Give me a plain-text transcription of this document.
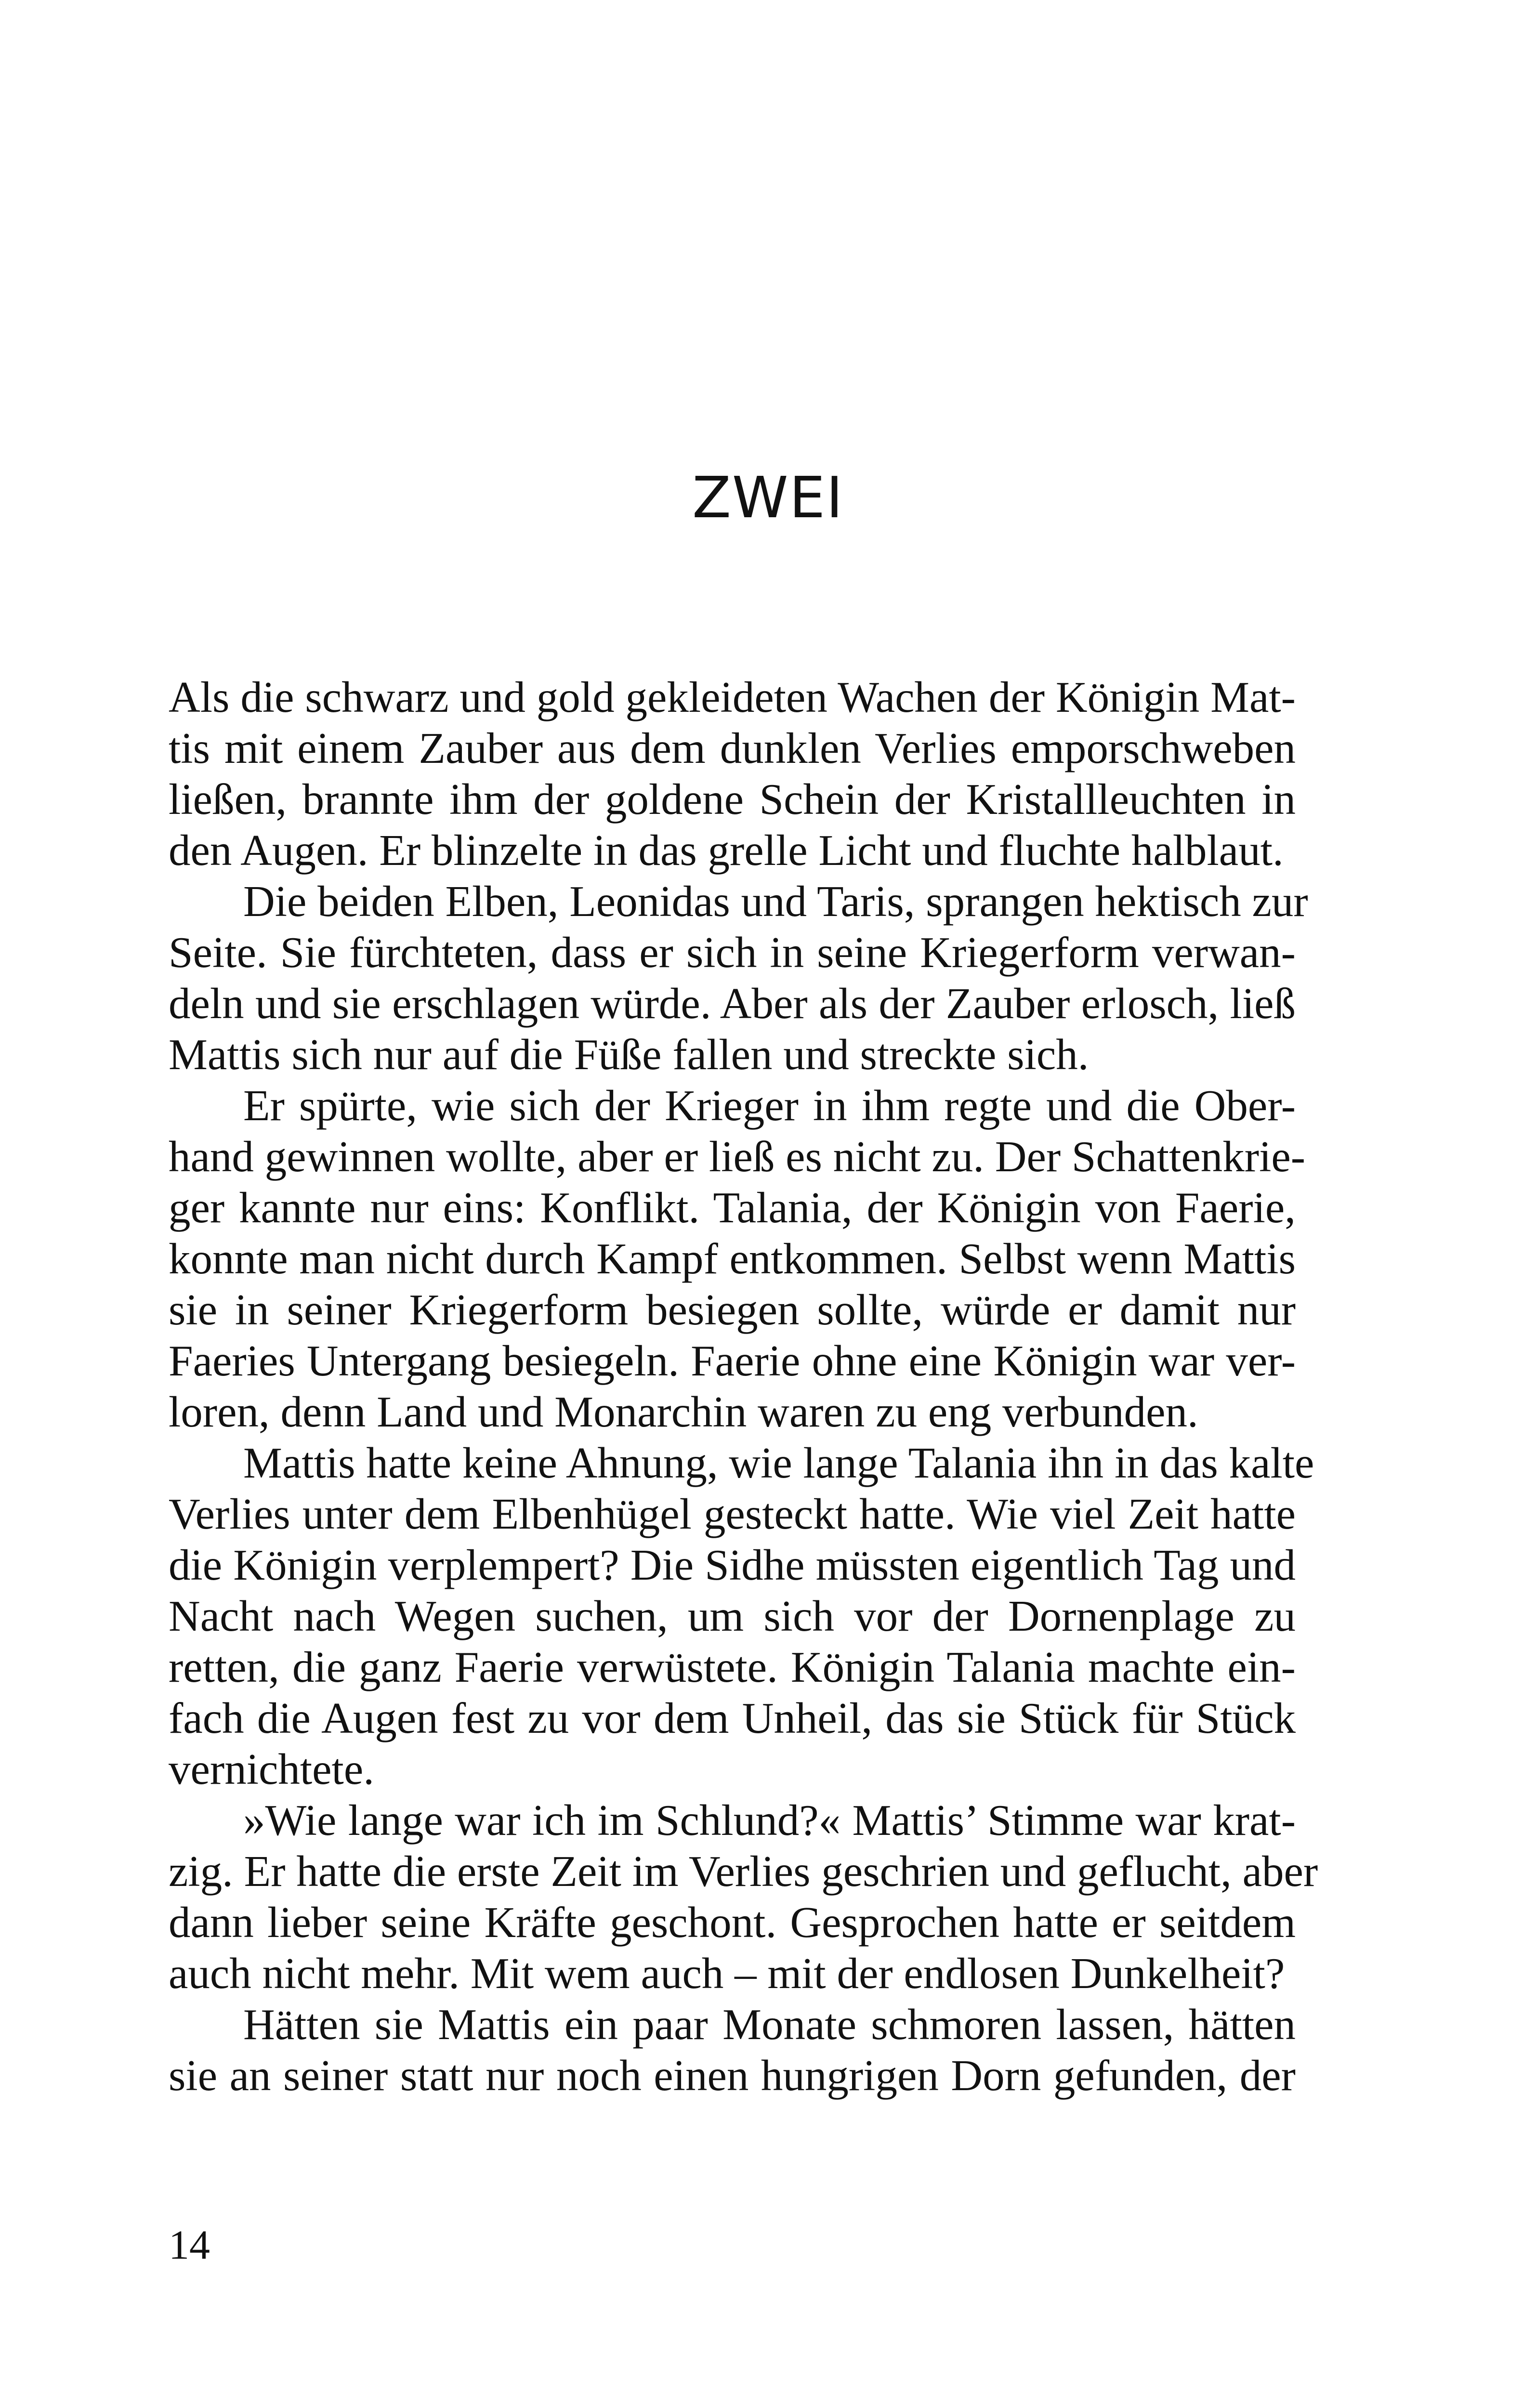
ZWEI
Als die schwarz und gold gekleideten Wachen der Königin Mat-
tis mit einem Zauber aus dem dunklen Verlies emporschweben
ließen, brannte ihm der goldene Schein der Kristallleuchten in
den Augen. Er blinzelte in das grelle Licht und fluchte halblaut.
Die beiden Elben, Leonidas und Taris, sprangen hektisch zur
Seite. Sie fürchteten, dass er sich in seine Kriegerform verwan-
deln und sie erschlagen würde. Aber als der Zauber erlosch, ließ
Mattis sich nur auf die Füße fallen und streckte sich.
Er spürte, wie sich der Krieger in ihm regte und die Ober-
hand gewinnen wollte, aber er ließ es nicht zu. Der Schattenkrie-
ger kannte nur eins: Konflikt. Talania, der Königin von Faerie,
konnte man nicht durch Kampf entkommen. Selbst wenn Mattis
sie in seiner Kriegerform besiegen sollte, würde er damit nur
Faeries Untergang besiegeln. Faerie ohne eine Königin war ver-
loren, denn Land und Monarchin waren zu eng verbunden.
Mattis hatte keine Ahnung, wie lange Talania ihn in das kalte
Verlies unter dem Elbenhügel gesteckt hatte. Wie viel Zeit hatte
die Königin verplempert? Die Sidhe müssten eigentlich Tag und
Nacht nach Wegen suchen, um sich vor der Dornenplage zu
retten, die ganz Faerie verwüstete. Königin Talania machte ein-
fach die Augen fest zu vor dem Unheil, das sie Stück für Stück
vernichtete.
»Wie lange war ich im Schlund?« Mattis’ Stimme war krat-
zig. Er hatte die erste Zeit im Verlies geschrien und geflucht, aber
dann lieber seine Kräfte geschont. Gesprochen hatte er seitdem
auch nicht mehr. Mit wem auch – mit der endlosen Dunkelheit?
Hätten sie Mattis ein paar Monate schmoren lassen, hätten
sie an seiner statt nur noch einen hungrigen Dorn gefunden, der
14
